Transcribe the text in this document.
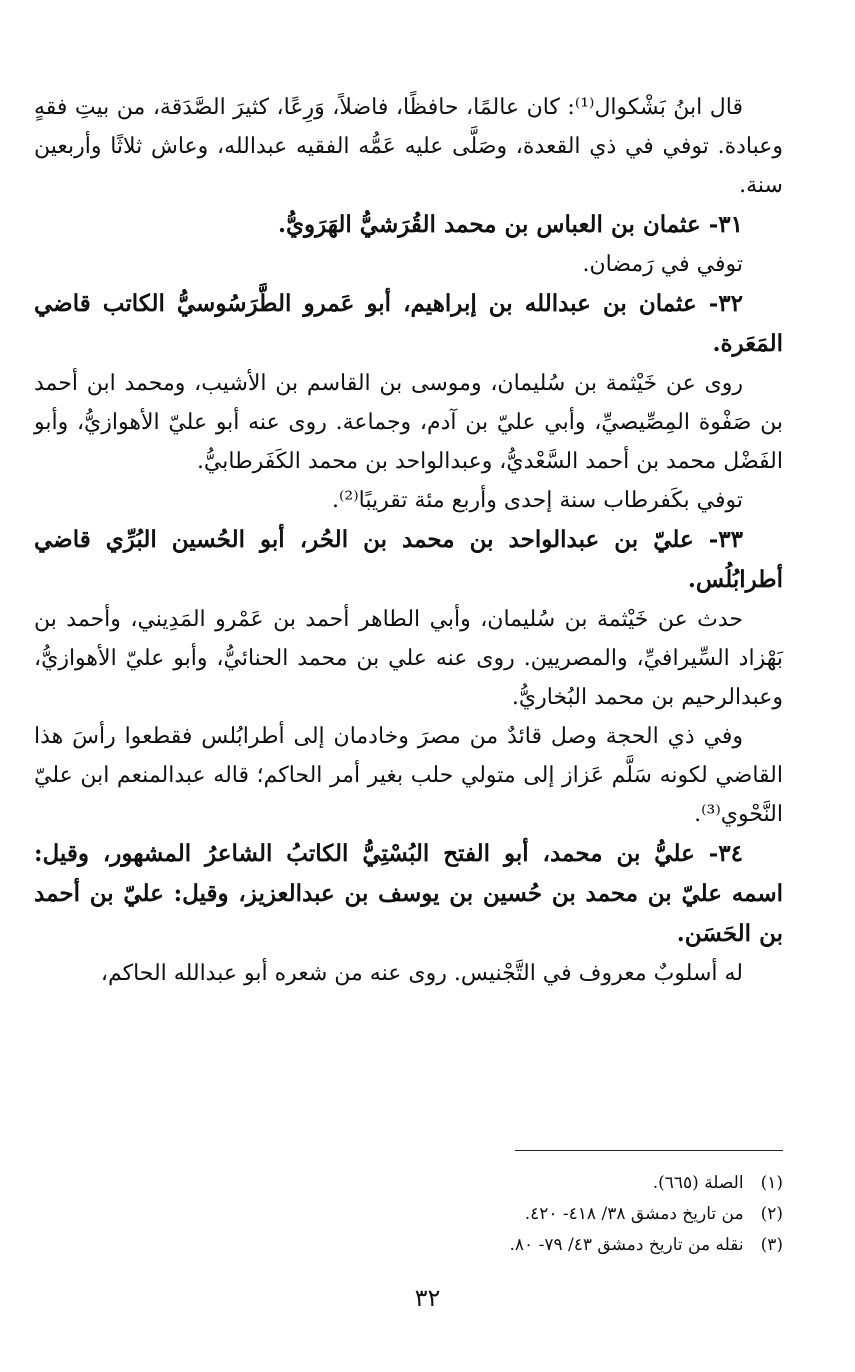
قال ابنُ بَشْكوال⁽¹⁾: كان عالمًا، حافظًا، فاضلاً، وَرِعًا، كثيرَ الصَّدَقة، من بيتِ فقهٍ وعبادة. توفي في ذي القعدة، وصَلَّى عليه عَمُّه الفقيه عبدالله، وعاش ثلاثًا وأربعين سنة.

٣١- عثمان بن العباس بن محمد القُرَشيُّ الهَرَويُّ.

توفي في رَمضان.

٣٢- عثمان بن عبدالله بن إبراهيم، أبو عَمرو الطَّرَسُوسيُّ الكاتب قاضي المَعَرة.

روى عن خَيْثمة بن سُليمان، وموسى بن القاسم بن الأشيب، ومحمد ابن أحمد بن صَفْوة المِصِّيصيِّ، وأبي عليّ بن آدم، وجماعة. روى عنه أبو عليّ الأهوازيُّ، وأبو الفَضْل محمد بن أحمد السَّعْديُّ، وعبدالواحد بن محمد الكَفَرطابيُّ.

توفي بكَفرطاب سنة إحدى وأربع مئة تقريبًا⁽²⁾.

٣٣- عليّ بن عبدالواحد بن محمد بن الحُر، أبو الحُسين البُرِّي قاضي أطرابُلُس.

حدث عن خَيْثمة بن سُليمان، وأبي الطاهر أحمد بن عَمْرو المَدِيني، وأحمد بن بَهْزاد السِّيرافيِّ، والمصريين. روى عنه علي بن محمد الحنائيُّ، وأبو عليّ الأهوازيُّ، وعبدالرحيم بن محمد البُخاريُّ.

وفي ذي الحجة وصل قائدٌ من مصرَ وخادمان إلى أطرابُلس فقطعوا رأسَ هذا القاضي لكونه سَلَّم عَزاز إلى متولي حلب بغير أمر الحاكم؛ قاله عبدالمنعم ابن عليّ النَّحْوي⁽³⁾.

٣٤- عليُّ بن محمد، أبو الفتح البُسْتِيُّ الكاتبُ الشاعرُ المشهور، وقيل: اسمه عليّ بن محمد بن حُسين بن يوسف بن عبدالعزيز، وقيل: عليّ بن أحمد بن الحَسَن.

له أسلوبٌ معروف في التَّجْنيس. روى عنه من شعره أبو عبدالله الحاكم،

(١) الصلة (٦٦٥).

(٢) من تاريخ دمشق ٣٨/ ٤١٨- ٤٢٠.

(٣) نقله من تاريخ دمشق ٤٣/ ٧٩- ٨٠.

٣٢
